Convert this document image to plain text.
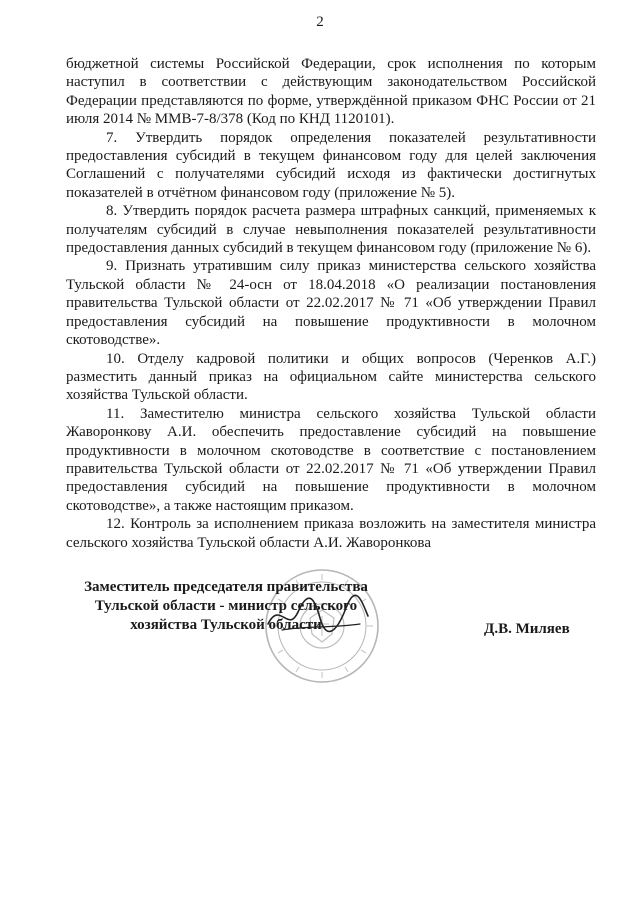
2

бюджетной системы Российской Федерации, срок исполнения по которым наступил в соответствии с действующим законодательством Российской Федерации представляются по форме, утверждённой приказом ФНС России от 21 июля 2014 № ММВ-7-8/378 (Код по КНД 1120101).

7. Утвердить порядок определения показателей результативности предоставления субсидий в текущем финансовом году для целей заключения Соглашений с получателями субсидий исходя из фактически достигнутых показателей в отчётном финансовом году (приложение № 5).

8. Утвердить порядок расчета размера штрафных санкций, применяемых к получателям субсидий в случае невыполнения показателей результативности предоставления данных субсидий в текущем финансовом году (приложение № 6).

9. Признать утратившим силу приказ министерства сельского хозяйства Тульской области № 24-осн от 18.04.2018 «О реализации постановления правительства Тульской области от 22.02.2017 № 71 «Об утверждении Правил предоставления субсидий на повышение продуктивности в молочном скотоводстве».

10. Отделу кадровой политики и общих вопросов (Черенков А.Г.) разместить данный приказ на официальном сайте министерства сельского хозяйства Тульской области.

11. Заместителю министра сельского хозяйства Тульской области Жаворонкову А.И. обеспечить предоставление субсидий на повышение продуктивности в молочном скотоводстве в соответствие с постановлением правительства Тульской области от 22.02.2017 № 71 «Об утверждении Правил предоставления субсидий на повышение продуктивности в молочном скотоводстве», а также настоящим приказом.

12. Контроль за исполнением приказа возложить на заместителя министра сельского хозяйства Тульской области А.И. Жаворонкова

Заместитель председателя правительства
Тульской области - министр сельского
хозяйства Тульской области	Д.В. Миляев
